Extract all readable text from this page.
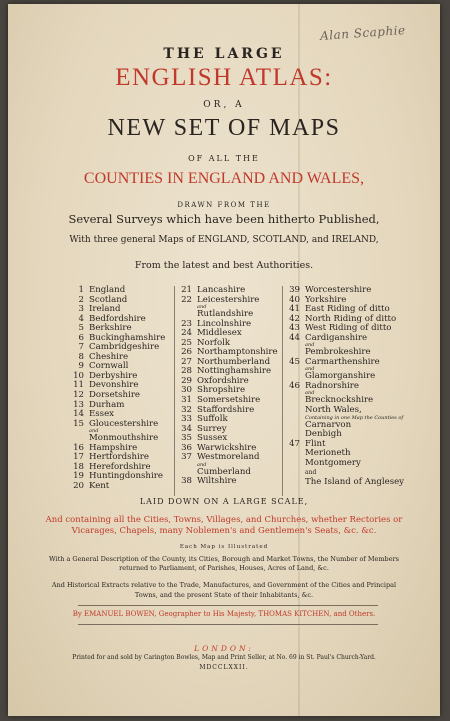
Alan Scaphie
THE LARGE
ENGLISH ATLAS:
OR, A
NEW SET OF MAPS
OF ALL THE
COUNTIES IN ENGLAND AND WALES,
DRAWN FROM THE
Several Surveys which have been hitherto Published,
With three general Maps of ENGLAND, SCOTLAND, and IRELAND,
From the latest and best Authorities.
1 England
2 Scotland
3 Ireland
4 Bedfordshire
5 Berkshire
6 Buckinghamshire
7 Cambridgeshire
8 Cheshire
9 Cornwall
10 Derbyshire
11 Devonshire
12 Dorsetshire
13 Durham
14 Essex
15 Gloucestershire
and
Monmouthshire
16 Hampshire
17 Hertfordshire
18 Herefordshire
19 Huntingdonshire
20 Kent
21 Lancashire
22 Leicestershire
and
Rutlandshire
23 Lincolnshire
24 Middlesex
25 Norfolk
26 Northamptonshire
27 Northumberland
28 Nottinghamshire
29 Oxfordshire
30 Shropshire
31 Somersetshire
32 Staffordshire
33 Suffolk
34 Surrey
35 Sussex
36 Warwickshire
37 Westmoreland
and
Cumberland
38 Wiltshire
39 Worcestershire
40 Yorkshire
41 East Riding of ditto
42 North Riding of ditto
43 West Riding of ditto
44 Cardiganshire
and
Pembrokeshire
45 Carmarthenshire
and
Glamorganshire
46 Radnorshire
and
Brecknockshire
North Wales,
Containing in one Map the Counties of
Carnarvon
Denbigh
47 Flint
Merioneth
Montgomery
and
The Island of Anglesey
LAID DOWN ON A LARGE SCALE,
And containing all the Cities, Towns, Villages, and Churches, whether Rectories or
Vicarages, Chapels, many Noblemen's and Gentlemen's Seats, &c. &c.
Each Map is Illustrated
With a General Description of the County, its Cities, Borough and Market Towns, the Number of Members
returned to Parliament, of Parishes, Houses, Acres of Land, &c.
And Historical Extracts relative to the Trade, Manufactures, and Government of the Cities and Principal
Towns, and the present State of their Inhabitants, &c.
By EMANUEL BOWEN, Geographer to His Majesty, THOMAS KITCHEN, and Others.
LONDON:
Printed for and sold by Carington Bowles, Map and Print Seller, at No. 69 in St. Paul's Church-Yard.
MDCCLXXII.
